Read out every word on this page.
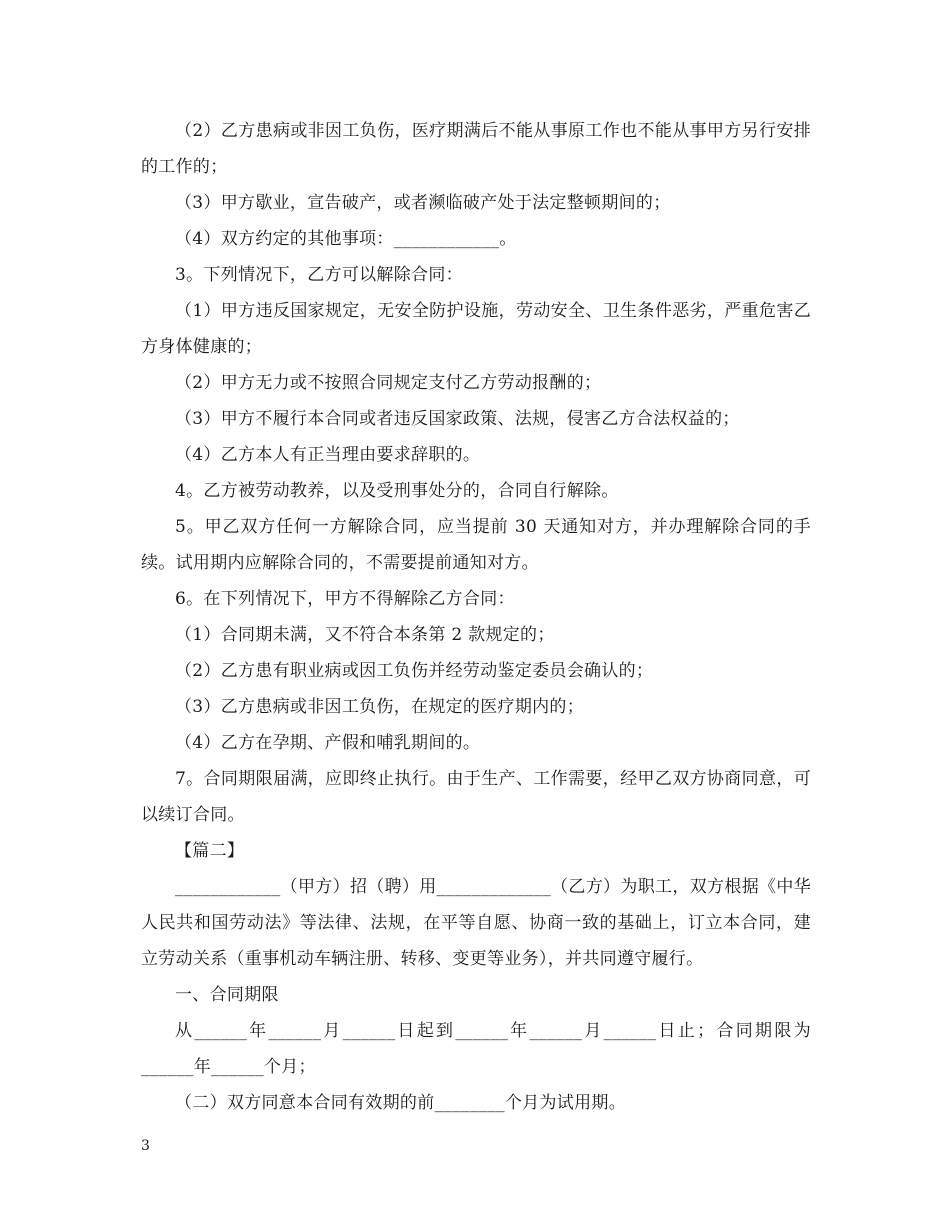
（2）乙方患病或非因工负伤，医疗期满后不能从事原工作也不能从事甲方另行安排的工作的；

（3）甲方歇业，宣告破产，或者濒临破产处于法定整顿期间的；

（4）双方约定的其他事项：____________。

3。下列情况下，乙方可以解除合同：

（1）甲方违反国家规定，无安全防护设施，劳动安全、卫生条件恶劣，严重危害乙方身体健康的；

（2）甲方无力或不按照合同规定支付乙方劳动报酬的；

（3）甲方不履行本合同或者违反国家政策、法规，侵害乙方合法权益的；

（4）乙方本人有正当理由要求辞职的。

4。乙方被劳动教养，以及受刑事处分的，合同自行解除。

5。甲乙双方任何一方解除合同，应当提前 30 天通知对方，并办理解除合同的手续。试用期内应解除合同的，不需要提前通知对方。

6。在下列情况下，甲方不得解除乙方合同：

（1）合同期未满，又不符合本条第 2 款规定的；

（2）乙方患有职业病或因工负伤并经劳动鉴定委员会确认的；

（3）乙方患病或非因工负伤，在规定的医疗期内的；

（4）乙方在孕期、产假和哺乳期间的。

7。合同期限届满，应即终止执行。由于生产、工作需要，经甲乙双方协商同意，可以续订合同。

【篇二】

____________（甲方）招（聘）用_____________（乙方）为职工，双方根据《中华人民共和国劳动法》等法律、法规，在平等自愿、协商一致的基础上，订立本合同，建立劳动关系（重事机动车辆注册、转移、变更等业务），并共同遵守履行。

一、合同期限

从______年______月______日起到______年______月______日止；合同期限为______年______个月；

（二）双方同意本合同有效期的前________个月为试用期。

3
